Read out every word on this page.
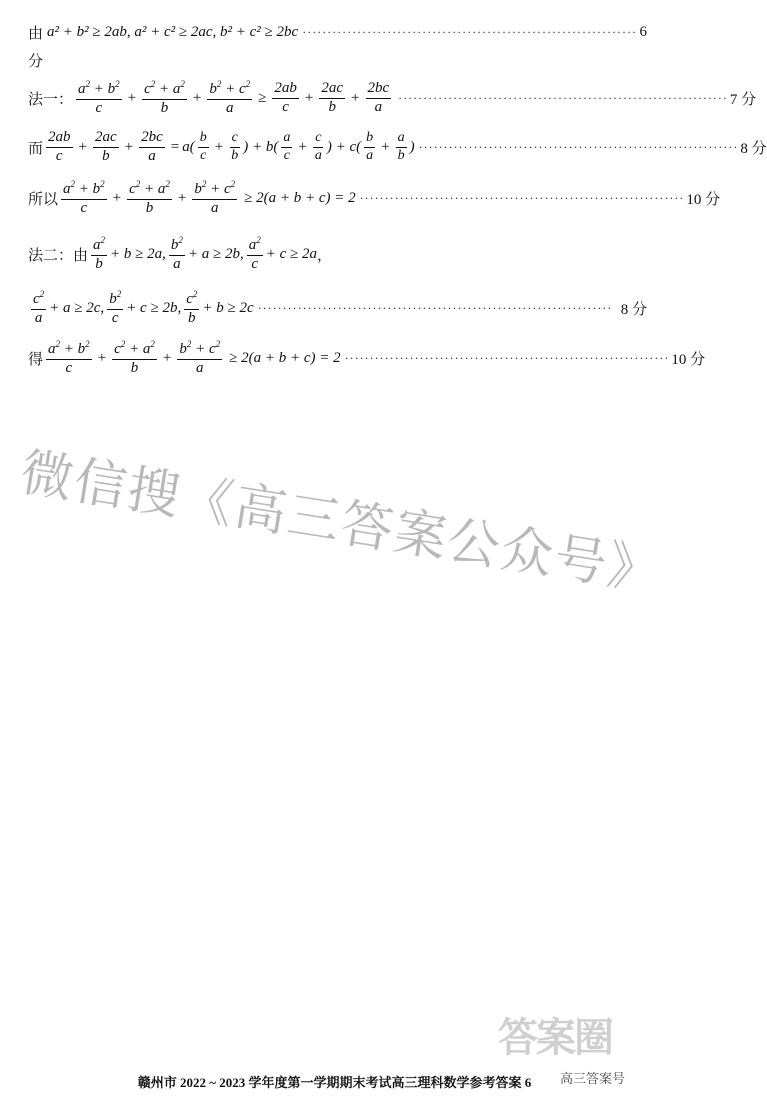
由 a² + b² ≥ 2ab, a² + c² ≥ 2ac, b² + c² ≥ 2bc ··································································· 6
分
法一： $\frac{a^2 + b^2}{c} + \frac{c^2 + a^2}{b} + \frac{b^2 + c^2}{a} \ge \frac{2ab}{c} + \frac{2ac}{b} + \frac{2bc}{a}$ ·································································· 7 分
而 $\frac{2ab}{c} + \frac{2ac}{b} + \frac{2bc}{a} = a( \frac{b}{c} + \frac{c}{b}$ ) + $b( \frac{a}{c} + \frac{c}{a}$ ) + $c( \frac{b}{a} + \frac{a}{b}$ ) ································································ 8 分
所以 $\frac{a^2 + b^2}{c} + \frac{c^2 + a^2}{b} + \frac{b^2 + c^2}{a} \ge 2(a + b + c) = 2$ ································································· 10 分
法二：由 $\frac{a^2}{b} + b \ge 2a$, $\frac{b^2}{a} + a \ge 2b$, $\frac{a^2}{c} + c \ge 2a$ ，
$\frac{c^2}{a} + a \ge 2c$, $\frac{b^2}{c} + c \ge 2b$, $\frac{c^2}{b} + b \ge 2c$ ······································································· 8 分
得 $\frac{a^2 + b^2}{c} + \frac{c^2 + a^2}{b} + \frac{b^2 + c^2}{a} \ge 2(a + b + c) = 2$ ································································· 10 分
微信搜《高三答案公众号》
答案圈
高三答案号
赣州市 2022 ~ 2023 学年度第一学期期末考试高三理科数学参考答案 6
